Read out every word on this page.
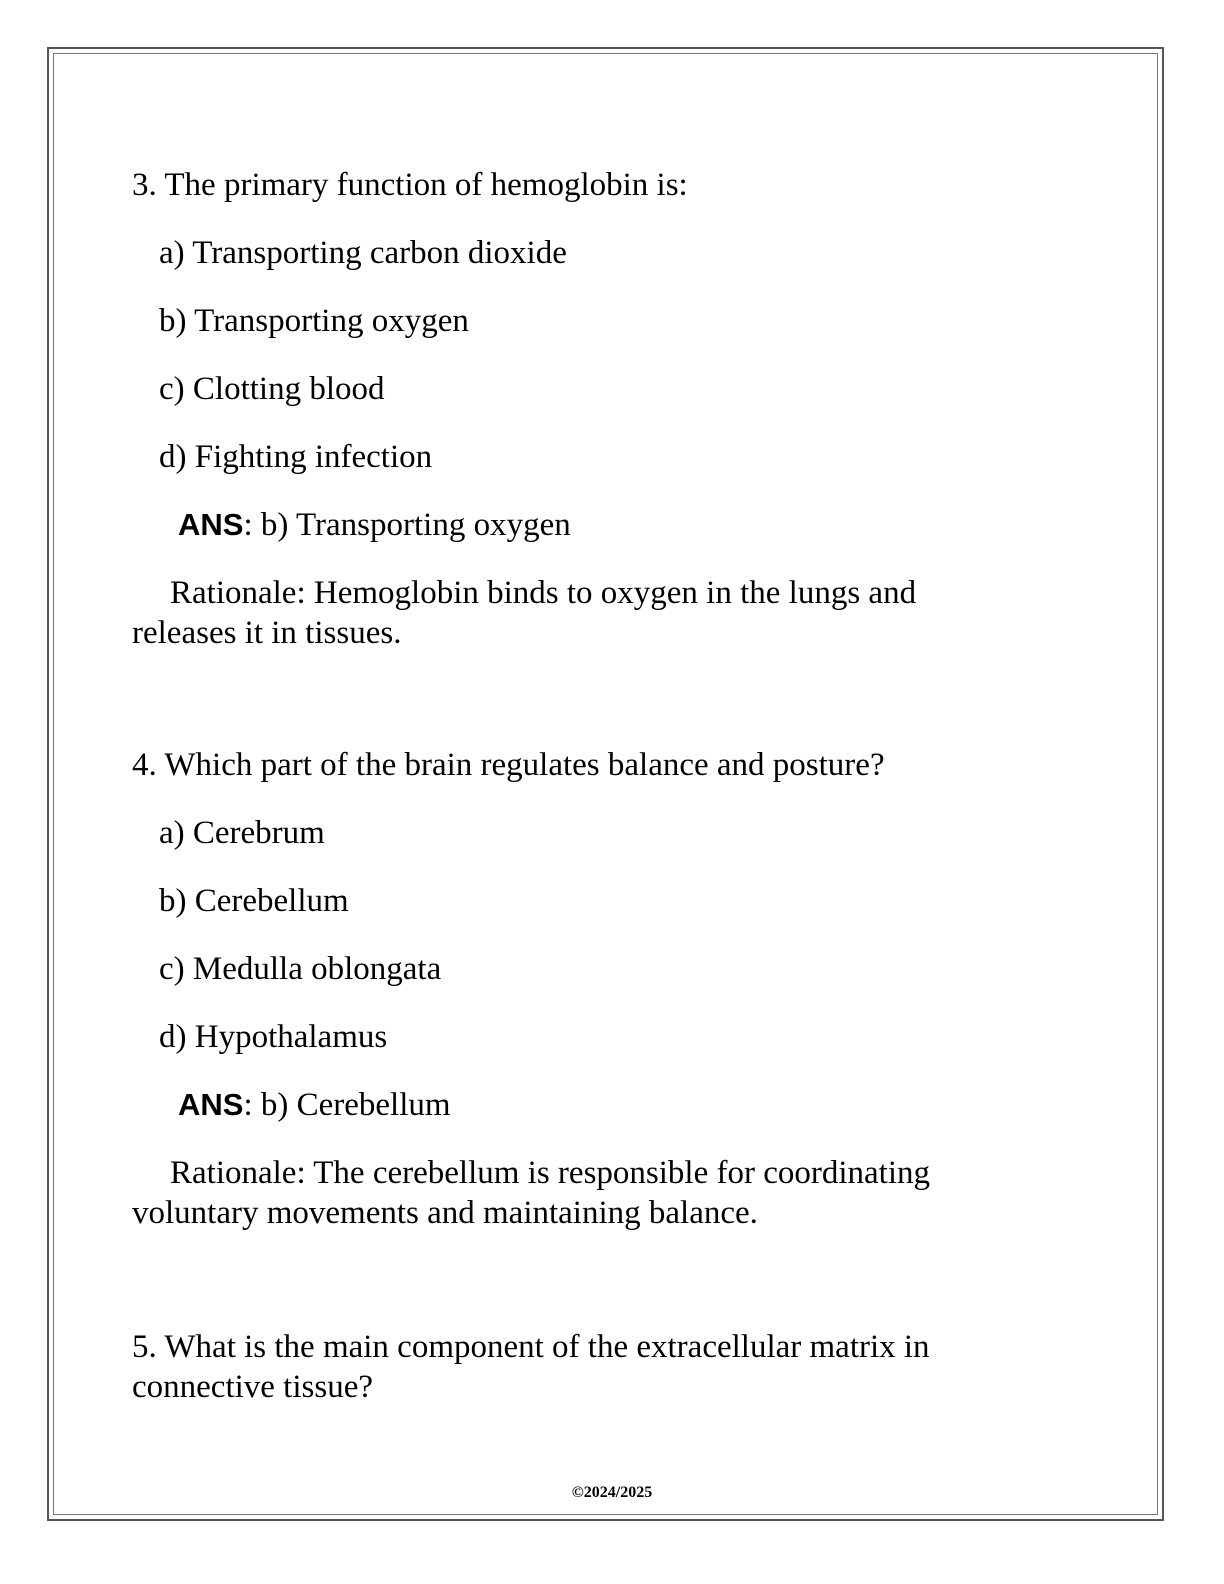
3. The primary function of hemoglobin is:
a) Transporting carbon dioxide
b) Transporting oxygen
c) Clotting blood
d) Fighting infection
ANS: b) Transporting oxygen
Rationale: Hemoglobin binds to oxygen in the lungs and
releases it in tissues.
4. Which part of the brain regulates balance and posture?
a) Cerebrum
b) Cerebellum
c) Medulla oblongata
d) Hypothalamus
ANS: b) Cerebellum
Rationale: The cerebellum is responsible for coordinating
voluntary movements and maintaining balance.
5. What is the main component of the extracellular matrix in
connective tissue?
©2024/2025
